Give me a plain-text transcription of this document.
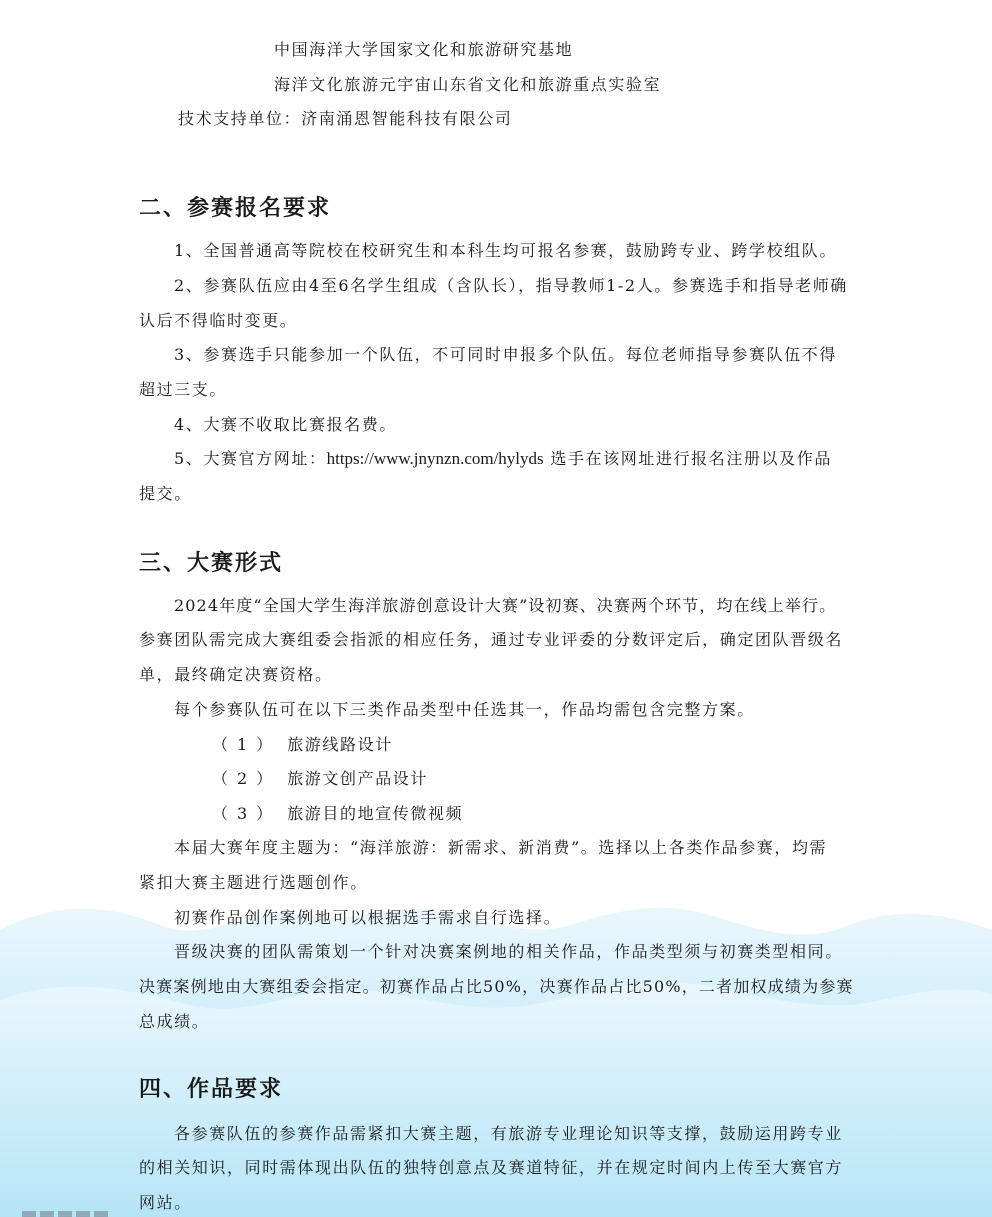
中国海洋大学国家文化和旅游研究基地
海洋文化旅游元宇宙山东省文化和旅游重点实验室
技术支持单位：济南涌恩智能科技有限公司
二、参赛报名要求
1、全国普通高等院校在校研究生和本科生均可报名参赛，鼓励跨专业、跨学校组队。
2、参赛队伍应由4至6名学生组成（含队长），指导教师1-2人。参赛选手和指导老师确
认后不得临时变更。
3、参赛选手只能参加一个队伍，不可同时申报多个队伍。每位老师指导参赛队伍不得
超过三支。
4、大赛不收取比赛报名费。
5、大赛官方网址：https://www.jnynzn.com/hylyds 选手在该网址进行报名注册以及作品
提交。
三、大赛形式
2024年度“全国大学生海洋旅游创意设计大赛”设初赛、决赛两个环节，均在线上举行。
参赛团队需完成大赛组委会指派的相应任务，通过专业评委的分数评定后，确定团队晋级名
单，最终确定决赛资格。
每个参赛队伍可在以下三类作品类型中任选其一，作品均需包含完整方案。
（1） 旅游线路设计
（2） 旅游文创产品设计
（3） 旅游目的地宣传微视频
本届大赛年度主题为：“海洋旅游：新需求、新消费”。选择以上各类作品参赛，均需
紧扣大赛主题进行选题创作。
初赛作品创作案例地可以根据选手需求自行选择。
晋级决赛的团队需策划一个针对决赛案例地的相关作品，作品类型须与初赛类型相同。
决赛案例地由大赛组委会指定。初赛作品占比50%，决赛作品占比50%，二者加权成绩为参赛
总成绩。
四、作品要求
各参赛队伍的参赛作品需紧扣大赛主题，有旅游专业理论知识等支撑，鼓励运用跨专业
的相关知识，同时需体现出队伍的独特创意点及赛道特征，并在规定时间内上传至大赛官方
网站。
